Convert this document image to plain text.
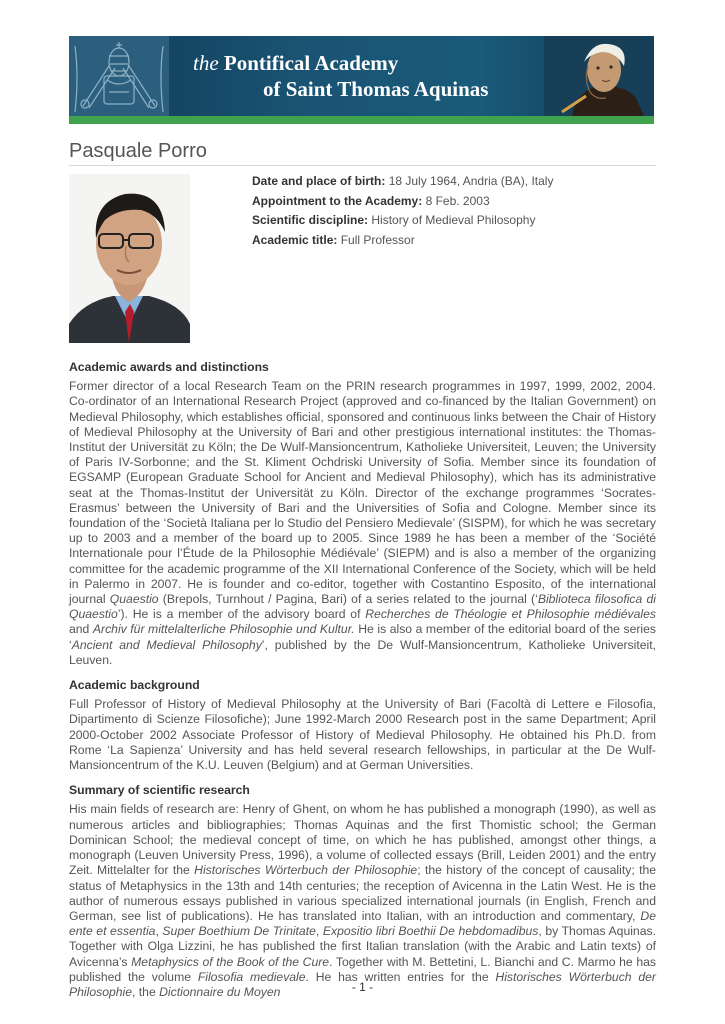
the Pontifical Academy
of Saint Thomas Aquinas
Pasquale Porro
Date and place of birth: 18 July 1964, Andria (BA), Italy
Appointment to the Academy: 8 Feb. 2003
Scientific discipline: History of Medieval Philosophy
Academic title: Full Professor
Academic awards and distinctions

Former director of a local Research Team on the PRIN research programmes in 1997, 1999, 2002, 2004. Co-ordinator of an International Research Project (approved and co-financed by the Italian Government) on Medieval Philosophy, which establishes official, sponsored and continuous links between the Chair of History of Medieval Philosophy at the University of Bari and other prestigious international institutes: the Thomas-Institut der Universität zu Köln; the De Wulf-Mansioncentrum, Katholieke Universiteit, Leuven; the University of Paris IV-Sorbonne; and the St. Kliment Ochdriski University of Sofia. Member since its foundation of EGSAMP (European Graduate School for Ancient and Medieval Philosophy), which has its administrative seat at the Thomas-Institut der Universität zu Köln. Director of the exchange programmes ‘Socrates-Erasmus’ between the University of Bari and the Universities of Sofia and Cologne. Member since its foundation of the ‘Società Italiana per lo Studio del Pensiero Medievale’ (SISPM), for which he was secretary up to 2003 and a member of the board up to 2005. Since 1989 he has been a member of the ‘Société Internationale pour l’Étude de la Philosophie Médiévale’ (SIEPM) and is also a member of the organizing committee for the academic programme of the XII International Conference of the Society, which will be held in Palermo in 2007. He is founder and co-editor, together with Costantino Esposito, of the international journal Quaestio (Brepols, Turnhout / Pagina, Bari) of a series related to the journal (‘Biblioteca filosofica di Quaestio’). He is a member of the advisory board of Recherches de Théologie et Philosophie médiévales and Archiv für mittelalterliche Philosophie und Kultur. He is also a member of the editorial board of the series ‘Ancient and Medieval Philosophy’, published by the De Wulf-Mansioncentrum, Katholieke Universiteit, Leuven.

Academic background

Full Professor of History of Medieval Philosophy at the University of Bari (Facoltà di Lettere e Filosofia, Dipartimento di Scienze Filosofiche); June 1992-March 2000 Research post in the same Department; April 2000-October 2002 Associate Professor of History of Medieval Philosophy. He obtained his Ph.D. from Rome ‘La Sapienza’ University and has held several research fellowships, in particular at the De Wulf-Mansioncentrum of the K.U. Leuven (Belgium) and at German Universities.

Summary of scientific research

His main fields of research are: Henry of Ghent, on whom he has published a monograph (1990), as well as numerous articles and bibliographies; Thomas Aquinas and the first Thomistic school; the German Dominican School; the medieval concept of time, on which he has published, amongst other things, a monograph (Leuven University Press, 1996), a volume of collected essays (Brill, Leiden 2001) and the entry Zeit. Mittelalter for the Historisches Wörterbuch der Philosophie; the history of the concept of causality; the status of Metaphysics in the 13th and 14th centuries; the reception of Avicenna in the Latin West. He is the author of numerous essays published in various specialized international journals (in English, French and German, see list of publications). He has translated into Italian, with an introduction and commentary, De ente et essentia, Super Boethium De Trinitate, Expositio libri Boethii De hebdomadibus, by Thomas Aquinas. Together with Olga Lizzini, he has published the first Italian translation (with the Arabic and Latin texts) of Avicenna’s Metaphysics of the Book of the Cure. Together with M. Bettetini, L. Bianchi and C. Marmo he has published the volume Filosofia medievale. He has written entries for the Historisches Wörterbuch der Philosophie, the Dictionnaire du Moyen	- 1 -
